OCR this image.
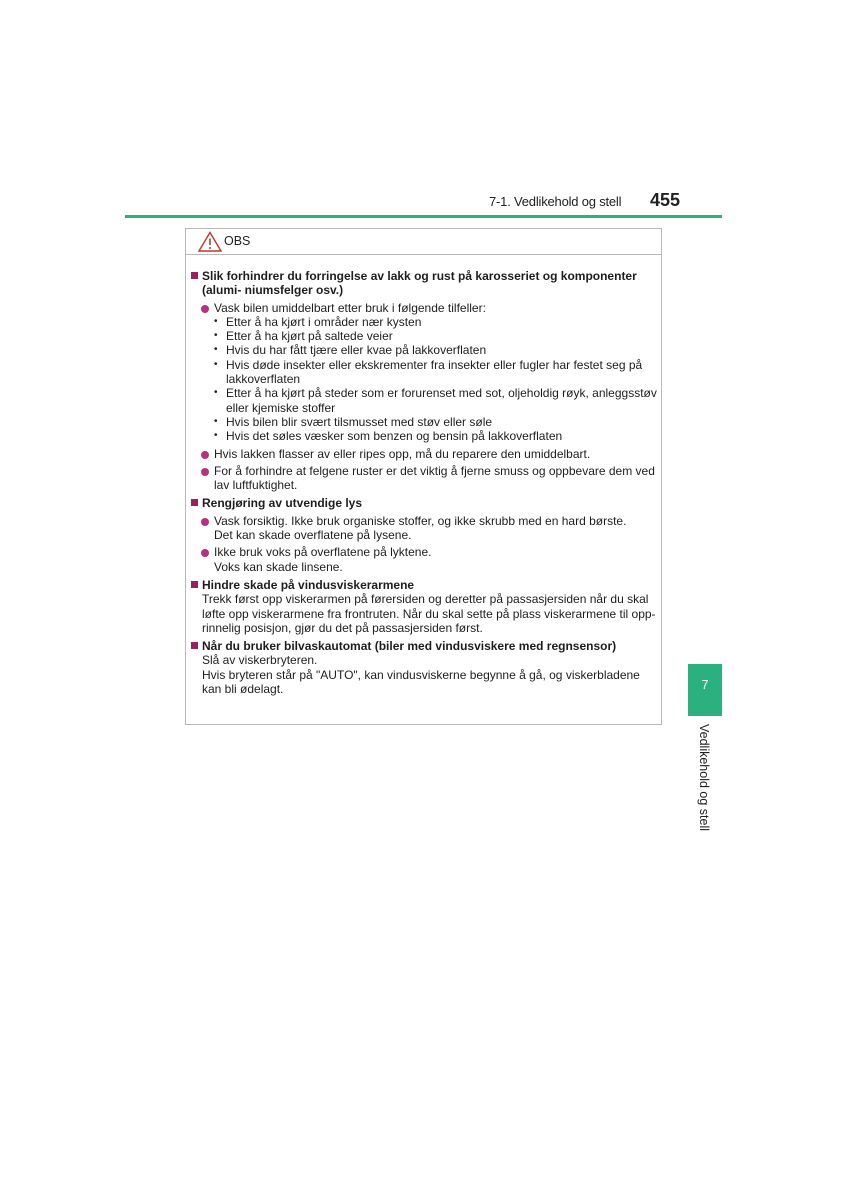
7-1. Vedlikehold og stell 455
OBS
Slik forhindrer du forringelse av lakk og rust på karosseriet og komponenter (alumi- niumsfelger osv.)
Vask bilen umiddelbart etter bruk i følgende tilfeller:
• Etter å ha kjørt i områder nær kysten
• Etter å ha kjørt på saltede veier
• Hvis du har fått tjære eller kvae på lakkoverflaten
• Hvis døde insekter eller ekskrementer fra insekter eller fugler har festet seg på lakkoverflaten
• Etter å ha kjørt på steder som er forurenset med sot, oljeholdig røyk, anleggsstøv eller kjemiske stoffer
• Hvis bilen blir svært tilsmusset med støv eller søle
• Hvis det søles væsker som benzen og bensin på lakkoverflaten
Hvis lakken flasser av eller ripes opp, må du reparere den umiddelbart.
For å forhindre at felgene ruster er det viktig å fjerne smuss og oppbevare dem ved lav luftfuktighet.
Rengjøring av utvendige lys
Vask forsiktig. Ikke bruk organiske stoffer, og ikke skrubb med en hard børste.
Det kan skade overflatene på lysene.
Ikke bruk voks på overflatene på lyktene.
Voks kan skade linsene.
Hindre skade på vindusviskerarmene
Trekk først opp viskerarmen på førersiden og deretter på passasjersiden når du skal løfte opp viskerarmene fra frontruten. Når du skal sette på plass viskerarmene til opp- rinnelig posisjon, gjør du det på passasjersiden først.
Når du bruker bilvaskautomat (biler med vindusviskere med regnsensor)
Slå av viskerbryteren.
Hvis bryteren står på "AUTO", kan vindusviskerne begynne å gå, og viskerbladene kan bli ødelagt.	7
Vedlikehold og stell
